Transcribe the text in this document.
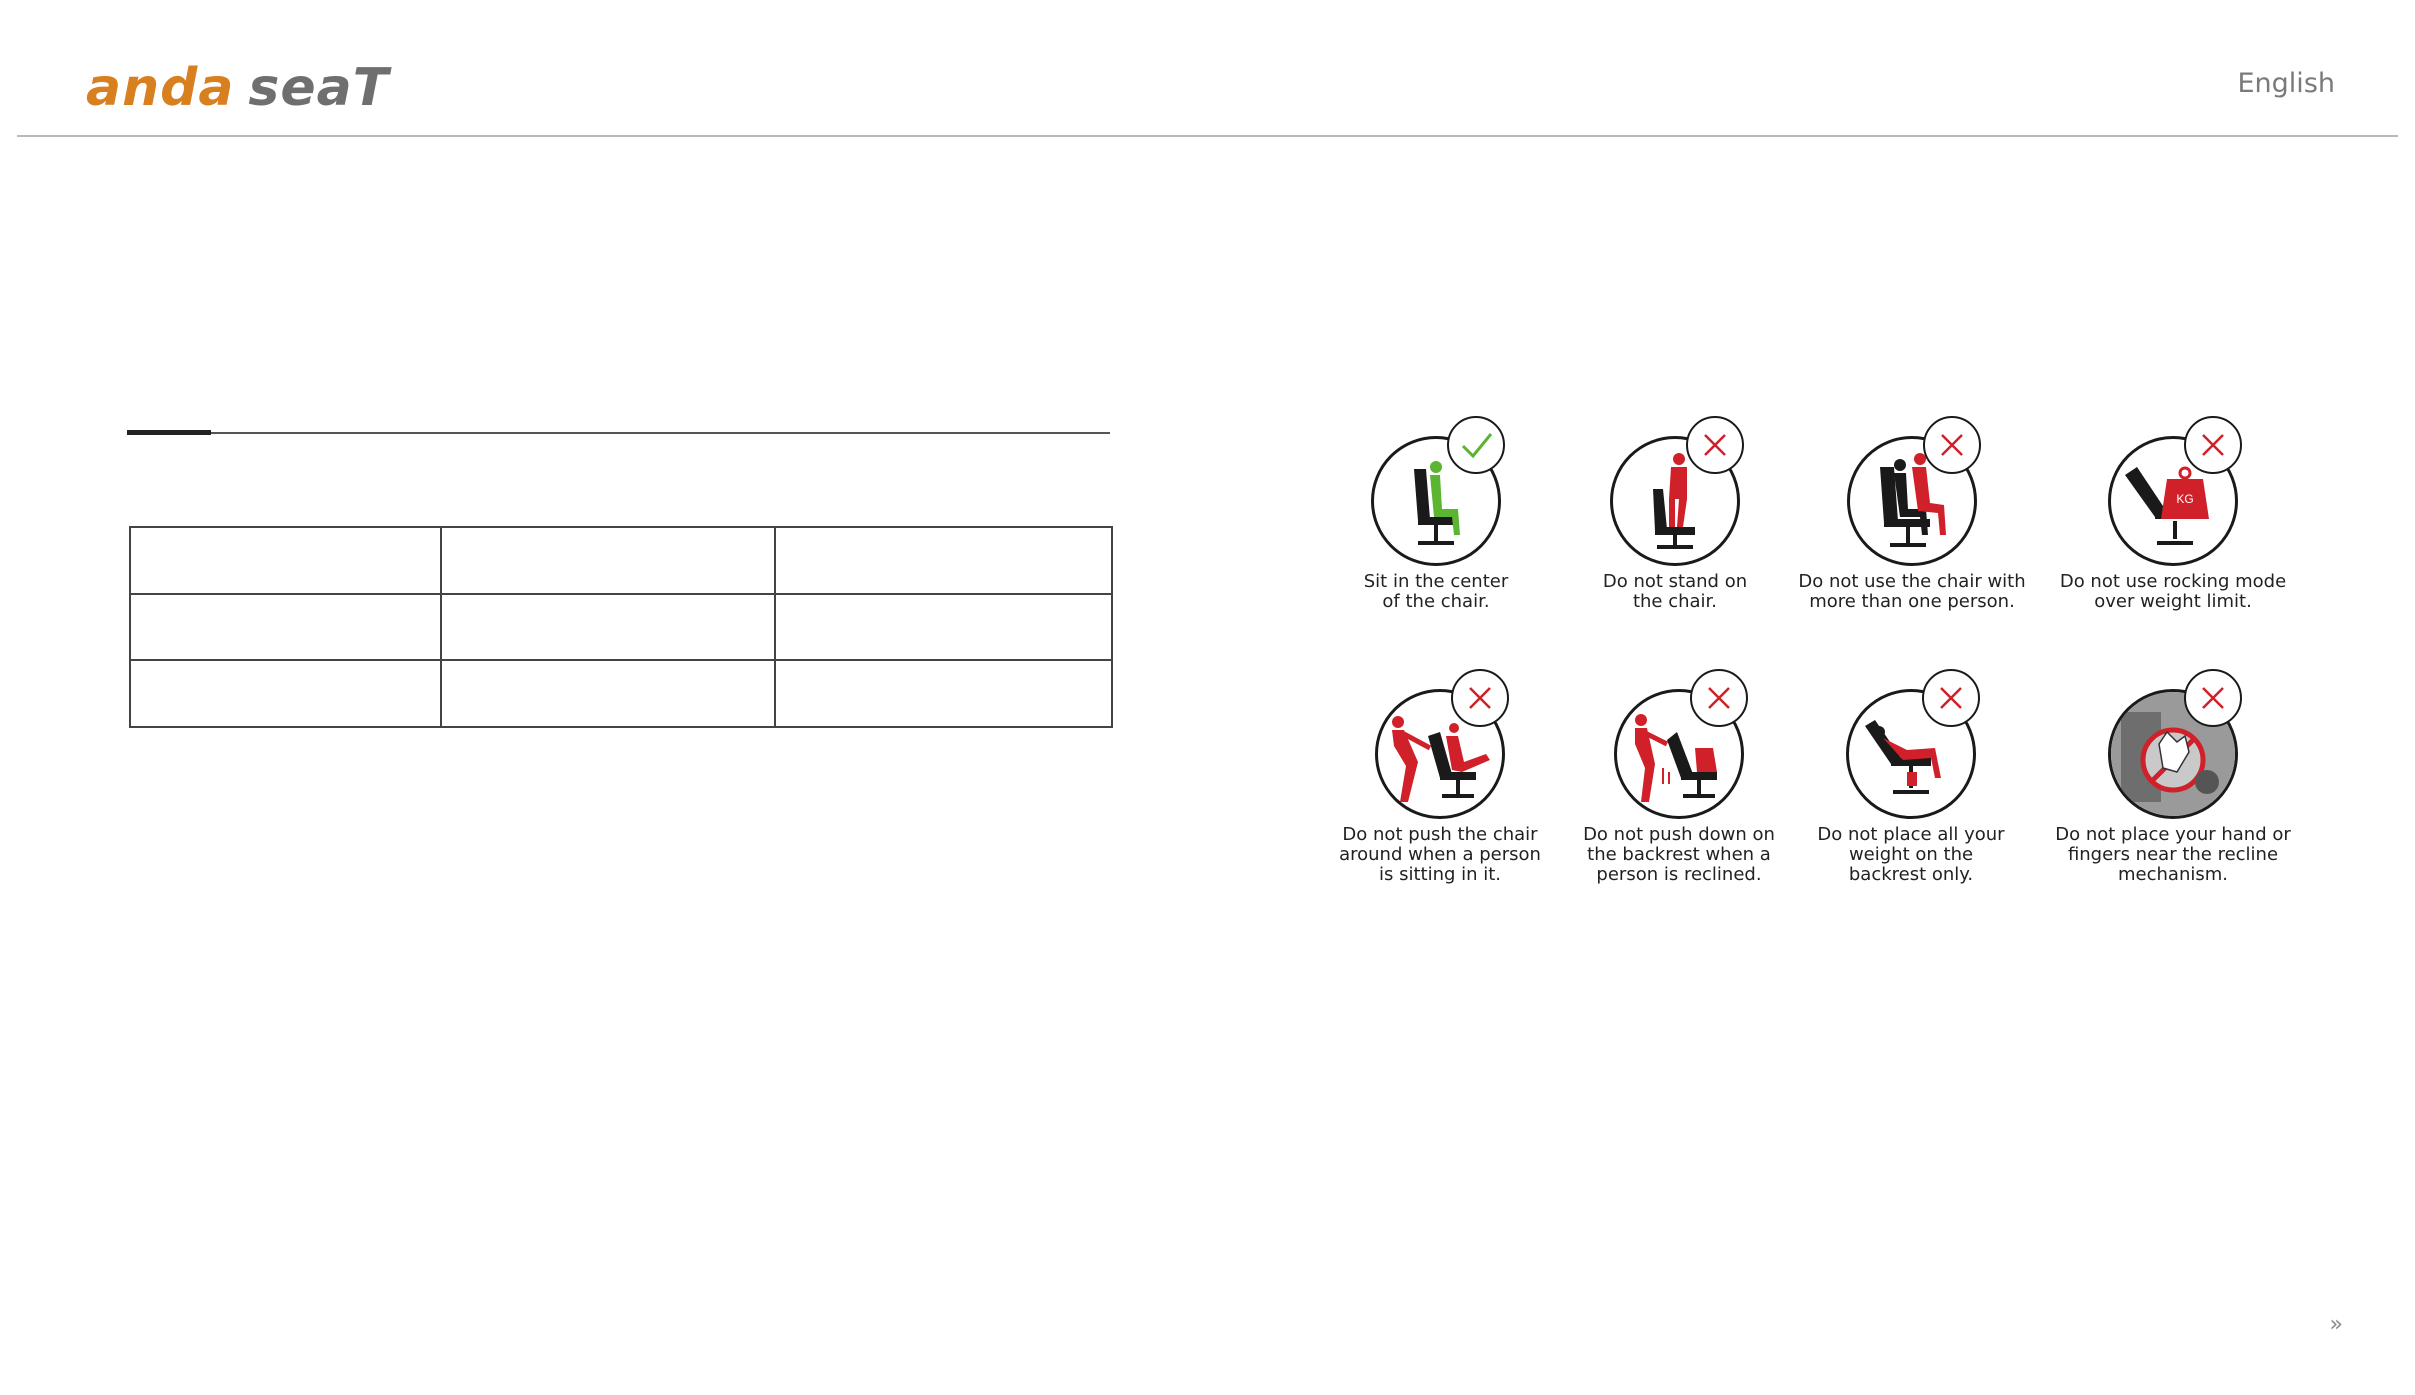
anda seaT	English

Sit in the center
of the chair.
Do not stand on
the chair.
Do not use the chair with
more than one person.
KG
Do not use rocking mode
over weight limit.
Do not push the chair
around when a person
is sitting in it.
Do not push down on
the backrest when a
person is reclined.
Do not place all your
weight on the
backrest only.
Do not place your hand or
fingers near the recline
mechanism.
»
